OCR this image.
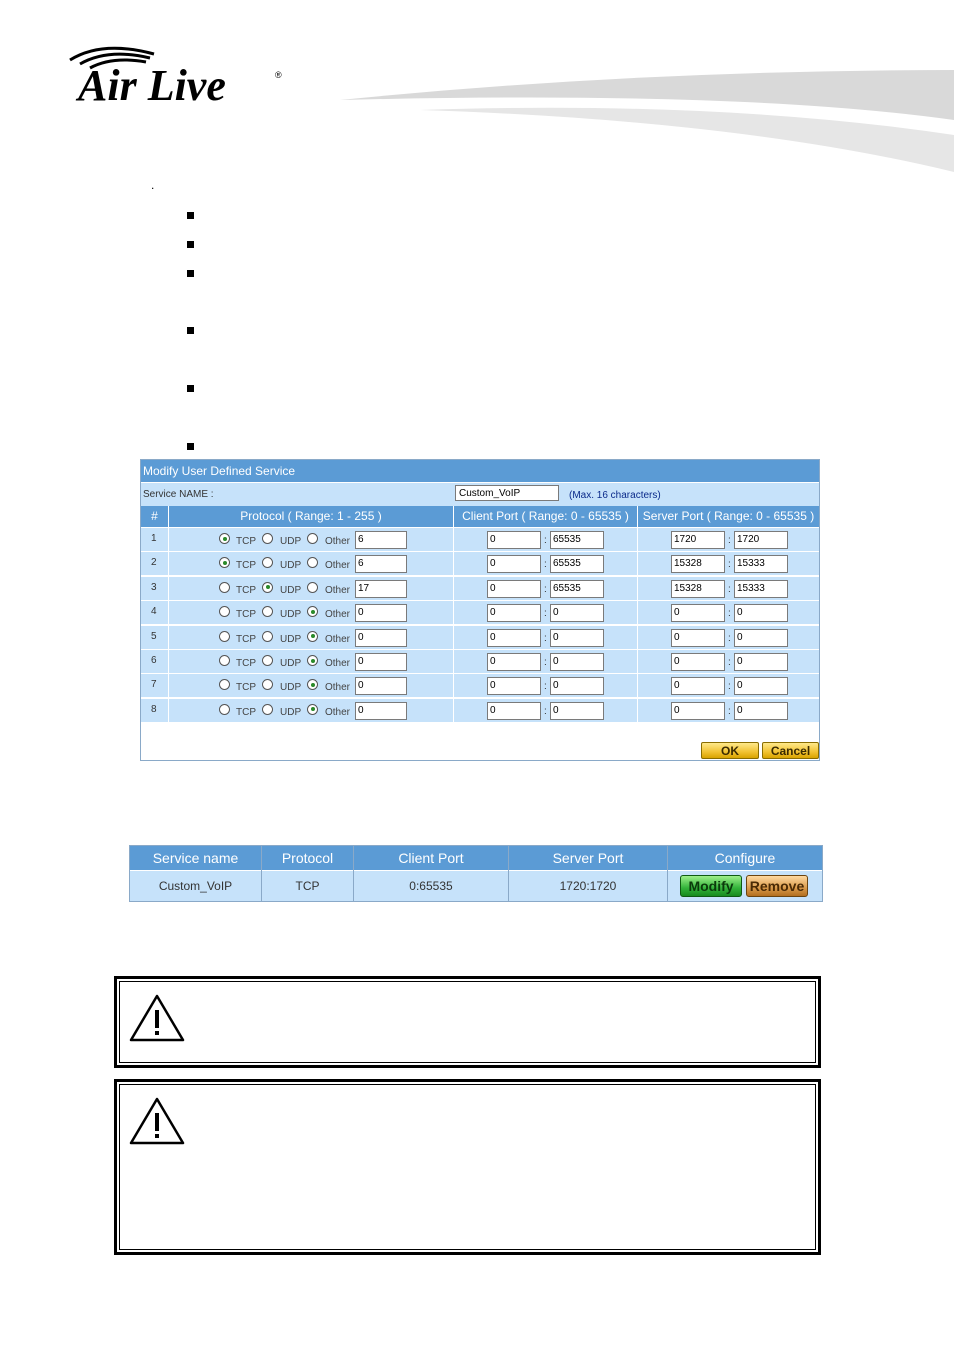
Air Live	®
.
Modify User Defined Service
Service NAME :	Custom_VoIP	(Max. 16 characters)
#	Protocol ( Range: 1 - 255 )	Client Port ( Range: 0 - 65535 )	Server Port ( Range: 0 - 65535 )
1	TCP UDP Other 6	0	: 65535	1720	: 1720
2	TCP UDP Other 6	0	: 65535	15328	: 15333
3	TCP UDP Other 17	0	: 65535	15328	: 15333
4	TCP UDP Other 0	0	: 0	0	: 0
5	TCP UDP Other 0	0	: 0	0	: 0
6	TCP UDP Other 0	0	: 0	0	: 0
7	TCP UDP Other 0	0	: 0	0	: 0
8	TCP UDP Other 0	0	: 0	0	: 0
OK	Cancel
Service name	Protocol	Client Port	Server Port	Configure
Custom_VoIP	TCP	0:65535	1720:1720	Modify	Remove
